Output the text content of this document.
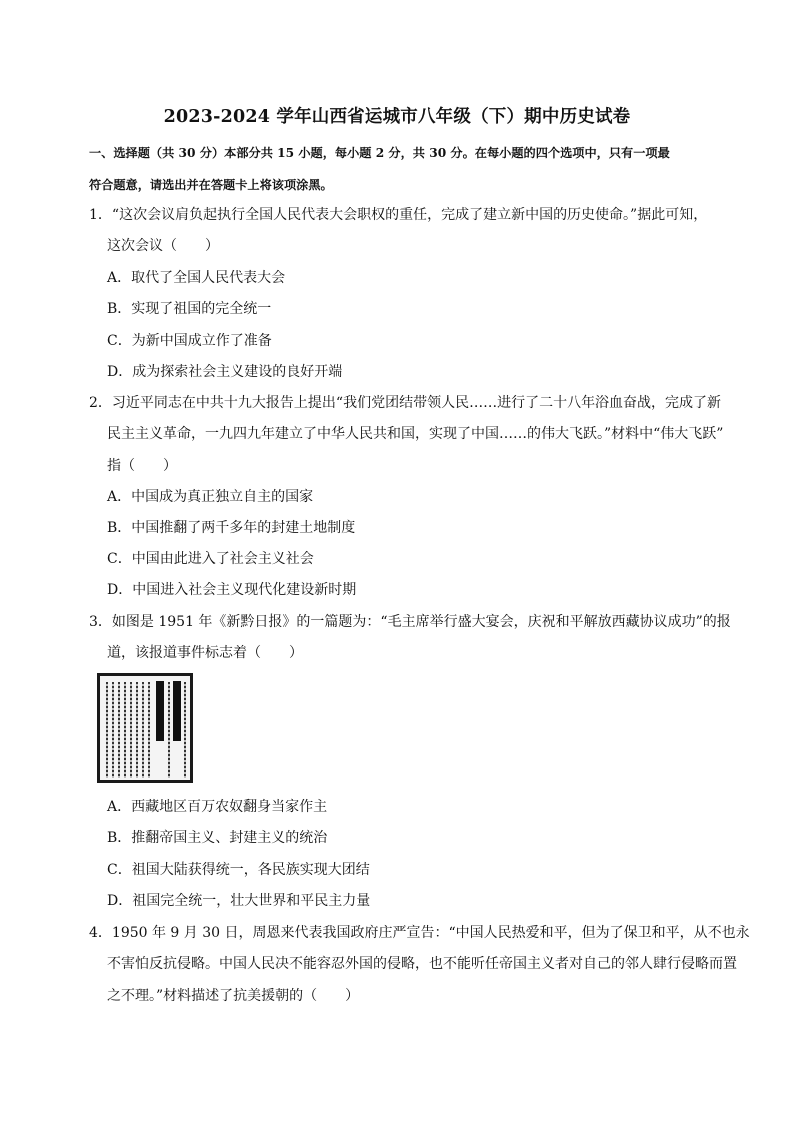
2023-2024 学年山西省运城市八年级（下）期中历史试卷
一、选择题（共 30 分）本部分共 15 小题，每小题 2 分，共 30 分。在每小题的四个选项中，只有一项最
符合题意，请选出并在答题卡上将该项涂黑。
1．“这次会议肩负起执行全国人民代表大会职权的重任，完成了建立新中国的历史使命。”据此可知，
这次会议（　　）
A．取代了全国人民代表大会
B．实现了祖国的完全统一
C．为新中国成立作了准备
D．成为探索社会主义建设的良好开端
2．习近平同志在中共十九大报告上提出“我们党团结带领人民……进行了二十八年浴血奋战，完成了新
民主主义革命，一九四九年建立了中华人民共和国，实现了中国……的伟大飞跃。”材料中“伟大飞跃”
指（　　）
A．中国成为真正独立自主的国家
B．中国推翻了两千多年的封建土地制度
C．中国由此进入了社会主义社会
D．中国进入社会主义现代化建设新时期
3．如图是 1951 年《新黔日报》的一篇题为：“毛主席举行盛大宴会，庆祝和平解放西藏协议成功”的报
道，该报道事件标志着（　　）
A．西藏地区百万农奴翻身当家作主
B．推翻帝国主义、封建主义的统治
C．祖国大陆获得统一，各民族实现大团结
D．祖国完全统一，壮大世界和平民主力量
4．1950 年 9 月 30 日，周恩来代表我国政府庄严宣告：“中国人民热爱和平，但为了保卫和平，从不也永
不害怕反抗侵略。中国人民决不能容忍外国的侵略，也不能听任帝国主义者对自己的邻人肆行侵略而置
之不理。”材料描述了抗美援朝的（　　）
